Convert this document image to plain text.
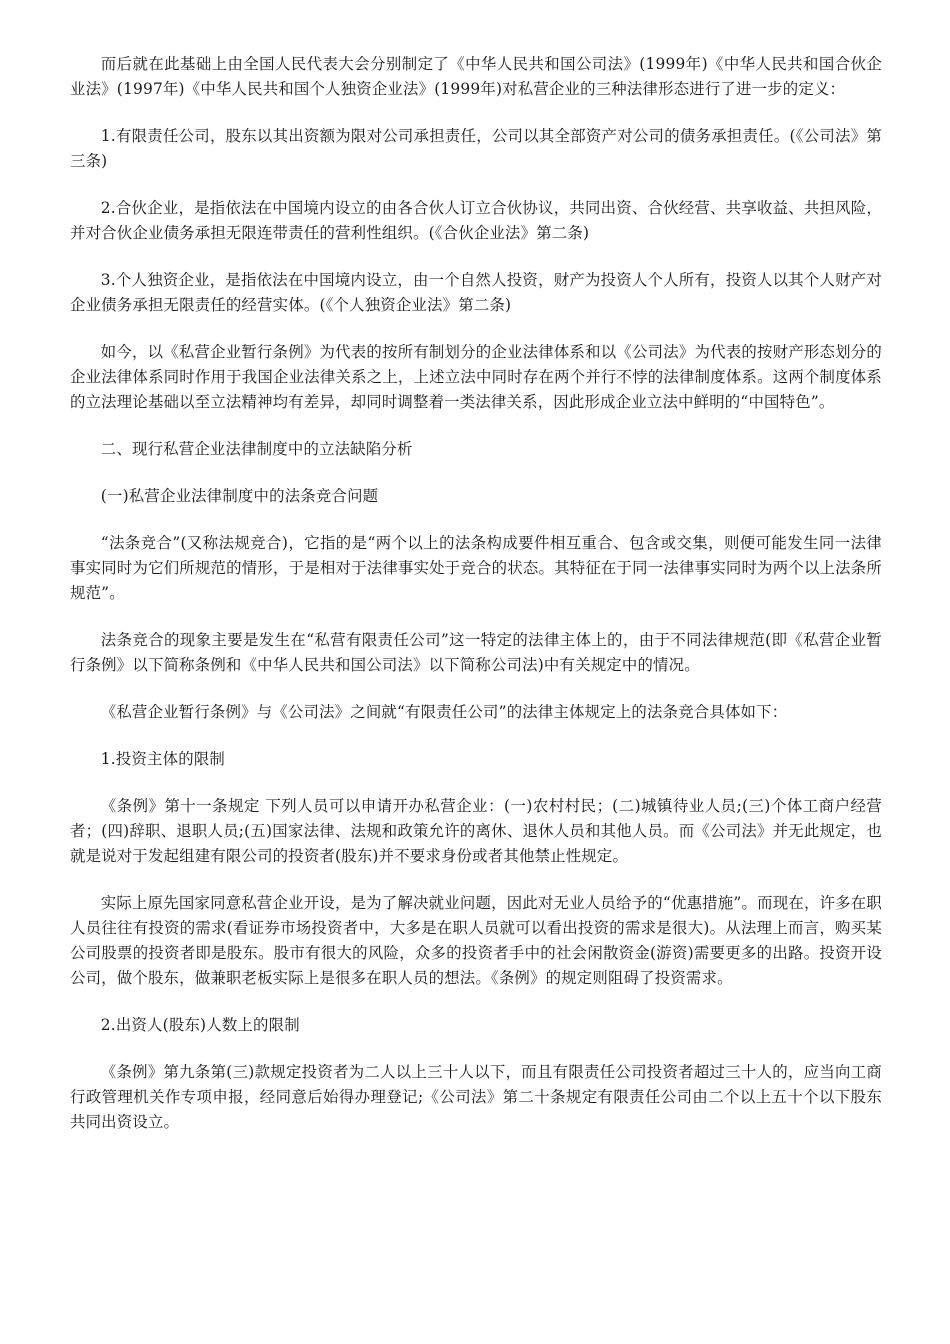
而后就在此基础上由全国人民代表大会分别制定了《中华人民共和国公司法》(1999年)《中华人民共和国合伙企业法》(1997年)《中华人民共和国个人独资企业法》(1999年)对私营企业的三种法律形态进行了进一步的定义：

1.有限责任公司，股东以其出资额为限对公司承担责任，公司以其全部资产对公司的债务承担责任。(《公司法》第三条)

2.合伙企业，是指依法在中国境内设立的由各合伙人订立合伙协议，共同出资、合伙经营、共享收益、共担风险，并对合伙企业债务承担无限连带责任的营利性组织。(《合伙企业法》第二条)

3.个人独资企业，是指依法在中国境内设立，由一个自然人投资，财产为投资人个人所有，投资人以其个人财产对企业债务承担无限责任的经营实体。(《个人独资企业法》第二条)

如今，以《私营企业暂行条例》为代表的按所有制划分的企业法律体系和以《公司法》为代表的按财产形态划分的企业法律体系同时作用于我国企业法律关系之上，上述立法中同时存在两个并行不悖的法律制度体系。这两个制度体系的立法理论基础以至立法精神均有差异，却同时调整着一类法律关系，因此形成企业立法中鲜明的“中国特色”。

二、现行私营企业法律制度中的立法缺陷分析

(一)私营企业法律制度中的法条竞合问题

“法条竞合”(又称法规竞合)，它指的是“两个以上的法条构成要件相互重合、包含或交集，则便可能发生同一法律事实同时为它们所规范的情形，于是相对于法律事实处于竞合的状态。其特征在于同一法律事实同时为两个以上法条所规范”。

法条竞合的现象主要是发生在“私营有限责任公司”这一特定的法律主体上的，由于不同法律规范(即《私营企业暂行条例》以下简称条例和《中华人民共和国公司法》以下简称公司法)中有关规定中的情况。

《私营企业暂行条例》与《公司法》之间就“有限责任公司”的法律主体规定上的法条竞合具体如下：

1.投资主体的限制

《条例》第十一条规定 下列人员可以申请开办私营企业：(一)农村村民；(二)城镇待业人员;(三)个体工商户经营者；(四)辞职、退职人员;(五)国家法律、法规和政策允许的离休、退休人员和其他人员。而《公司法》并无此规定，也就是说对于发起组建有限公司的投资者(股东)并不要求身份或者其他禁止性规定。

实际上原先国家同意私营企业开设，是为了解决就业问题，因此对无业人员给予的“优惠措施”。而现在，许多在职人员往往有投资的需求(看证券市场投资者中，大多是在职人员就可以看出投资的需求是很大)。从法理上而言，购买某公司股票的投资者即是股东。股市有很大的风险，众多的投资者手中的社会闲散资金(游资)需要更多的出路。投资开设公司，做个股东，做兼职老板实际上是很多在职人员的想法。《条例》的规定则阻碍了投资需求。

2.出资人(股东)人数上的限制

《条例》第九条第(三)款规定投资者为二人以上三十人以下，而且有限责任公司投资者超过三十人的，应当向工商行政管理机关作专项申报，经同意后始得办理登记;《公司法》第二十条规定有限责任公司由二个以上五十个以下股东共同出资设立。
